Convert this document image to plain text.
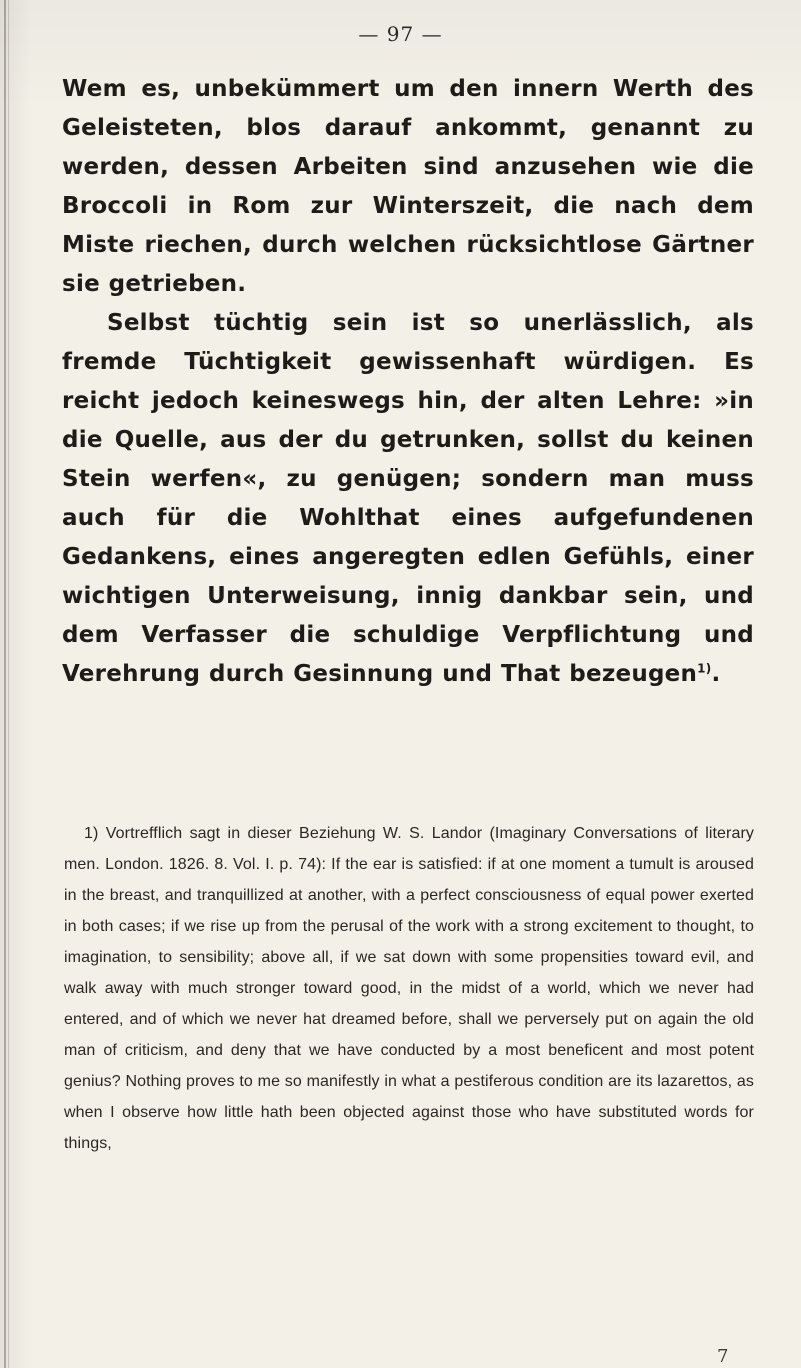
— 97 —

Wem es, unbekümmert um den innern Werth des Geleisteten, blos darauf ankommt, genannt zu werden, dessen Arbeiten sind anzusehen wie die Broccoli in Rom zur Winterszeit, die nach dem Miste riechen, durch welchen rücksichtlose Gärtner sie getrieben.

Selbst tüchtig sein ist so unerlässlich, als fremde Tüchtigkeit gewissenhaft würdigen. Es reicht jedoch keineswegs hin, der alten Lehre: »in die Quelle, aus der du getrunken, sollst du keinen Stein werfen«, zu genügen; sondern man muss auch für die Wohlthat eines aufgefundenen Gedankens, eines angeregten edlen Gefühls, einer wichtigen Unterweisung, innig dankbar sein, und dem Verfasser die schuldige Verpflichtung und Verehrung durch Gesinnung und That bezeugen$^{1)}$.

1) Vortrefflich sagt in dieser Beziehung W. S. Landor (Imaginary Conversations of literary men. London. 1826. 8. Vol. I. p. 74): If the ear is satisfied: if at one moment a tumult is aroused in the breast, and tranquillized at another, with a perfect consciousness of equal power exerted in both cases; if we rise up from the perusal of the work with a strong excitement to thought, to imagination, to sensibility; above all, if we sat down with some propensities toward evil, and walk away with much stronger toward good, in the midst of a world, which we never had entered, and of which we never hat dreamed before, shall we perversely put on again the old man of criticism, and deny that we have conducted by a most beneficent and most potent genius? Nothing proves to me so manifestly in what a pestiferous condition are its lazarettos, as when I observe how little hath been objected against those who have substituted words for things,

7
